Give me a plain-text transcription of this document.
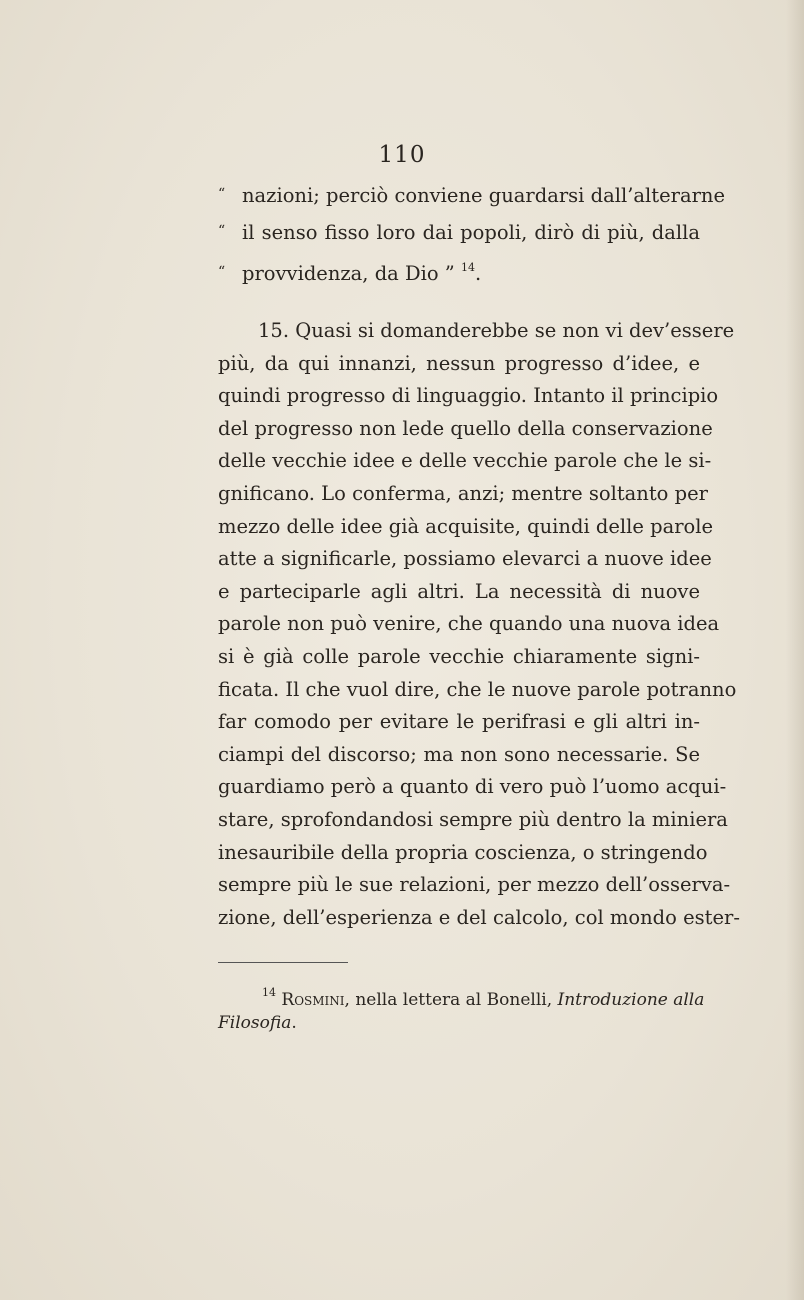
110
“ nazioni; perciò conviene guardarsi dall’alterarne
“ il senso fisso loro dai popoli, dirò di più, dalla
“ provvidenza, da Dio ” $^{14}$.
15. Quasi si domanderebbe se non vi dev’essere
più, da qui innanzi, nessun progresso d’idee, e
quindi progresso di linguaggio. Intanto il principio
del progresso non lede quello della conservazione
delle vecchie idee e delle vecchie parole che le si-
gnificano. Lo conferma, anzi; mentre soltanto per
mezzo delle idee già acquisite, quindi delle parole
atte a significarle, possiamo elevarci a nuove idee
e parteciparle agli altri. La necessità di nuove
parole non può venire, che quando una nuova idea
si è già colle parole vecchie chiaramente signi-
ficata. Il che vuol dire, che le nuove parole potranno
far comodo per evitare le perifrasi e gli altri in-
ciampi del discorso; ma non sono necessarie. Se
guardiamo però a quanto di vero può l’uomo acqui-
stare, sprofondandosi sempre più dentro la miniera
inesauribile della propria coscienza, o stringendo
sempre più le sue relazioni, per mezzo dell’osserva-
zione, dell’esperienza e del calcolo, col mondo ester-
$^{14}$ Rosmini, nella lettera al Bonelli, Introduzione alla
Filosofia.
